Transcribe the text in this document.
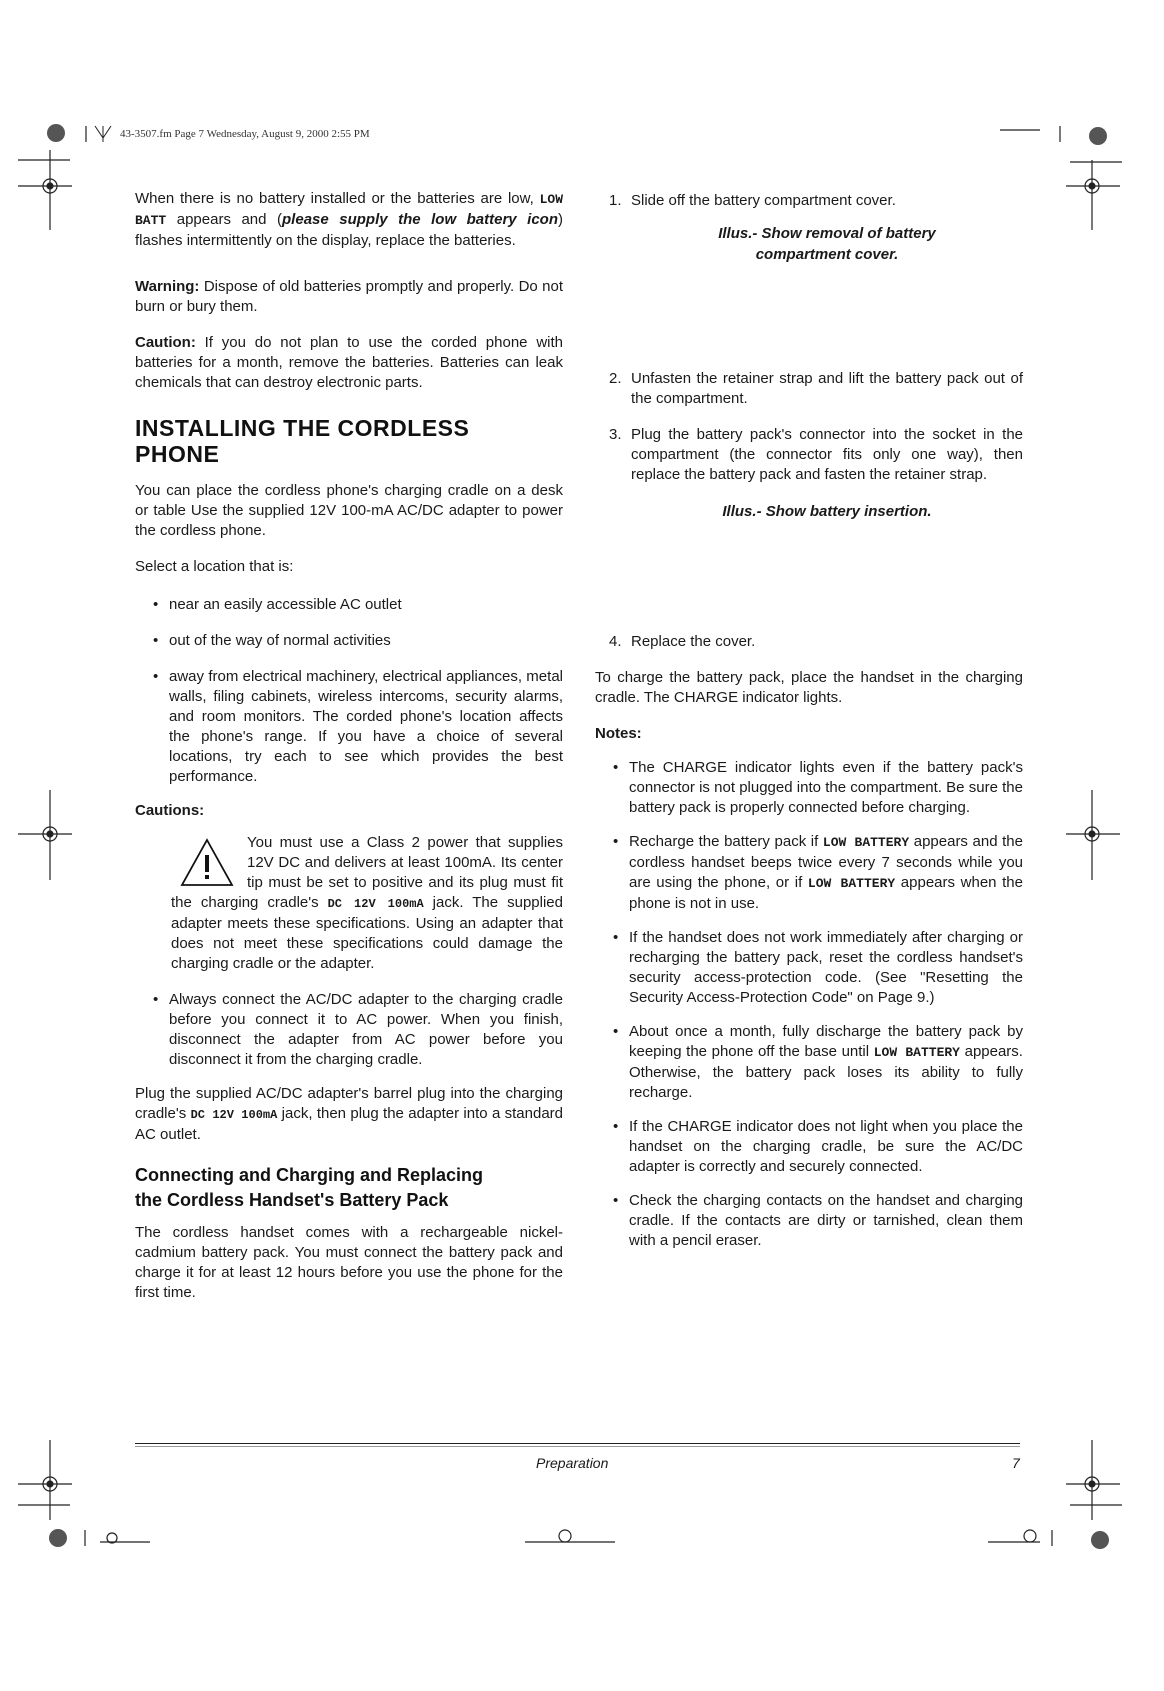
43-3507.fm Page 7 Wednesday, August 9, 2000 2:55 PM

When there is no battery installed or the batteries are low, LOW BATT appears and (please supply the low battery icon) flashes intermittently on the display, replace the batteries.

Warning: Dispose of old batteries promptly and properly. Do not burn or bury them.

Caution: If you do not plan to use the corded phone with batteries for a month, remove the batteries. Batteries can leak chemicals that can destroy electronic parts.

INSTALLING THE CORDLESS
PHONE

You can place the cordless phone's charging cradle on a desk or table Use the supplied 12V 100-mA AC/DC adapter to power the cordless phone.

Select a location that is:

• near an easily accessible AC outlet

• out of the way of normal activities

• away from electrical machinery, electrical appliances, metal walls, filing cabinets, wireless intercoms, security alarms, and room monitors. The corded phone's location affects the phone's range. If you have a choice of several locations, try each to see which provides the best performance.

Cautions:

You must use a Class 2 power that supplies 12V DC and delivers at least 100mA. Its center tip must be set to positive and its plug must fit the charging cradle's DC 12V 100mA jack. The supplied adapter meets these specifications. Using an adapter that does not meet these specifications could damage the charging cradle or the adapter.

• Always connect the AC/DC adapter to the charging cradle before you connect it to AC power. When you finish, disconnect the adapter from AC power before you disconnect it from the charging cradle.

Plug the supplied AC/DC adapter's barrel plug into the charging cradle's DC 12V 100mA jack, then plug the adapter into a standard AC outlet.

Connecting and Charging and Replacing
the Cordless Handset's Battery Pack

The cordless handset comes with a rechargeable nickel-cadmium battery pack. You must connect the battery pack and charge it for at least 12 hours before you use the phone for the first time.

1. Slide off the battery compartment cover.

Illus.- Show removal of battery

compartment cover.

2. Unfasten the retainer strap and lift the battery pack out of the compartment.

3. Plug the battery pack's connector into the socket in the compartment (the connector fits only one way), then replace the battery pack and fasten the retainer strap.

Illus.- Show battery insertion.

4. Replace the cover.

To charge the battery pack, place the handset in the charging cradle. The CHARGE indicator lights.

Notes:

• The CHARGE indicator lights even if the battery pack's connector is not plugged into the compartment. Be sure the battery pack is properly connected before charging.

• Recharge the battery pack if LOW BATTERY appears and the cordless handset beeps twice every 7 seconds while you are using the phone, or if LOW BATTERY appears when the phone is not in use.

• If the handset does not work immediately after charging or recharging the battery pack, reset the cordless handset's security access-protection code. (See "Resetting the Security Access-Protection Code" on Page 9.)

• About once a month, fully discharge the battery pack by keeping the phone off the base until LOW BATTERY appears. Otherwise, the battery pack loses its ability to fully recharge.

• If the CHARGE indicator does not light when you place the handset on the charging cradle, be sure the AC/DC adapter is correctly and securely connected.

• Check the charging contacts on the handset and charging cradle. If the contacts are dirty or tarnished, clean them with a pencil eraser.

Preparation	7
